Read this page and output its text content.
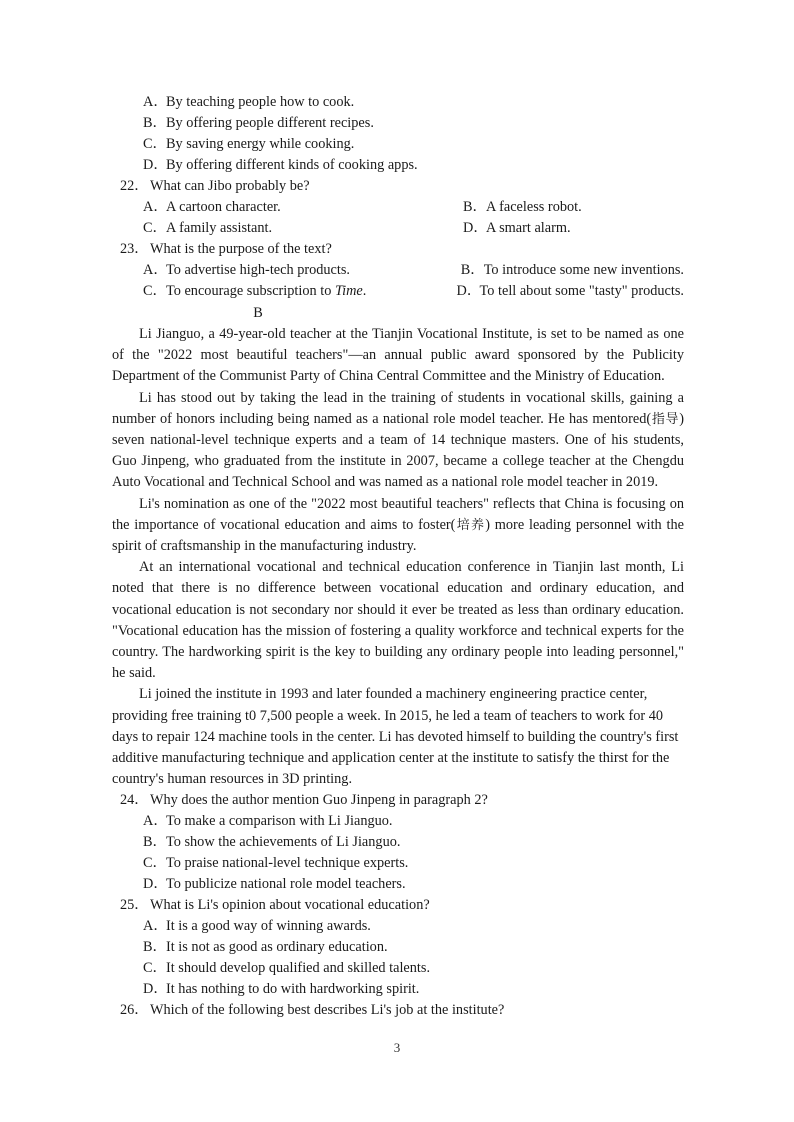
A．
By teaching people how to cook.
B． By offering people different recipes.
C． By saving energy while cooking.
D．
By offering different kinds of cooking apps.
22．What can Jibo probably be?
A．
A cartoon character.	B． A faceless robot.
C． A family assistant.	D．
A smart alarm.
23．What is the purpose of the text?
A．
To advertise high-tech products.	B． To introduce some new inventions.
C． To encourage subscription to Time.	D．
To tell about some "tasty" products.
B

Li Jianguo, a 49-year-old teacher at the Tianjin Vocational Institute, is set to be named as one of the "2022 most beautiful teachers"—an annual public award sponsored by the Publicity Department of the Communist Party of China Central Committee and the Ministry of Education.

Li has stood out by taking the lead in the training of students in vocational skills, gaining a number of honors including being named as a national role model teacher. He has mentored(指导) seven national-level technique experts and a team of 14 technique masters. One of his students, Guo Jinpeng, who graduated from the institute in 2007, became a college teacher at the Chengdu Auto Vocational and Technical School and was named as a national role model teacher in 2019.

Li's nomination as one of the "2022 most beautiful teachers" reflects that China is focusing on the importance of vocational education and aims to foster(培养) more leading personnel with the spirit of craftsmanship in the manufacturing industry.

At an international vocational and technical education conference in Tianjin last month, Li noted that there is no difference between vocational education and ordinary education, and vocational education is not secondary nor should it ever be treated as less than ordinary education. "Vocational education has the mission of fostering a quality workforce and technical experts for the country. The hardworking spirit is the key to building any ordinary people into leading personnel," he said.

Li joined the institute in 1993 and later founded a machinery engineering practice center, providing free training t0 7,500 people a week. In 2015, he led a team of teachers to work for 40 days to repair 124 machine tools in the center. Li has devoted himself to building the country's first additive manufacturing technique and application center at the institute to satisfy the thirst for the country's human resources in 3D printing.

24．Why does the author mention Guo Jinpeng in paragraph 2?
A．
To make a comparison with Li Jianguo.
B． To show the achievements of Li Jianguo.
C． To praise national-level technique experts.
D．
To publicize national role model teachers.
25．What is Li's opinion about vocational education?
A．
It is a good way of winning awards.
B． It is not as good as ordinary education.
C． It should develop qualified and skilled talents.
D．
It has nothing to do with hardworking spirit.
26．Which of the following best describes Li's job at the institute?
3
